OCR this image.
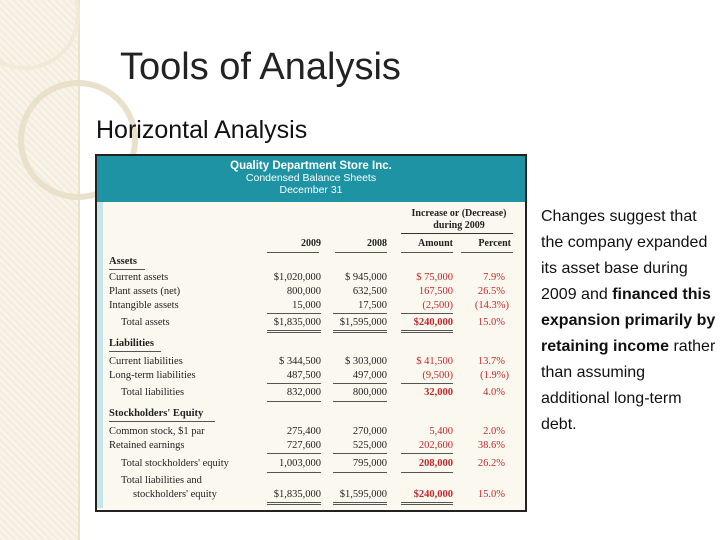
Tools of Analysis
Horizontal Analysis
Quality Department Store Inc.
Condensed Balance Sheets
December 31
Increase or (Decrease)
during 2009
2009	2008	Amount	Percent
Assets
Current assets	$1,020,000	$ 945,000	$ 75,000	7.9%
Plant assets (net)	800,000	632,500	167,500	26.5%
Intangible assets	15,000	17,500	(2,500)	(14.3%)
Total assets	$1,835,000	$1,595,000	$240,000	15.0%
Liabilities
Current liabilities	$ 344,500	$ 303,000	$ 41,500	13.7%
Long-term liabilities	487,500	497,000	(9,500)	(1.9%)
Total liabilities	832,000	800,000	32,000	4.0%
Stockholders' Equity
Common stock, $1 par	275,400	270,000	5,400	2.0%
Retained earnings	727,600	525,000	202,600	38.6%
Total stockholders' equity	1,003,000	795,000	208,000	26.2%
Total liabilities and
stockholders' equity	$1,835,000	$1,595,000	$240,000	15.0%
Changes suggest that the company expanded its asset base during 2009 and financed this expansion primarily by retaining income rather than assuming additional long-term debt.
